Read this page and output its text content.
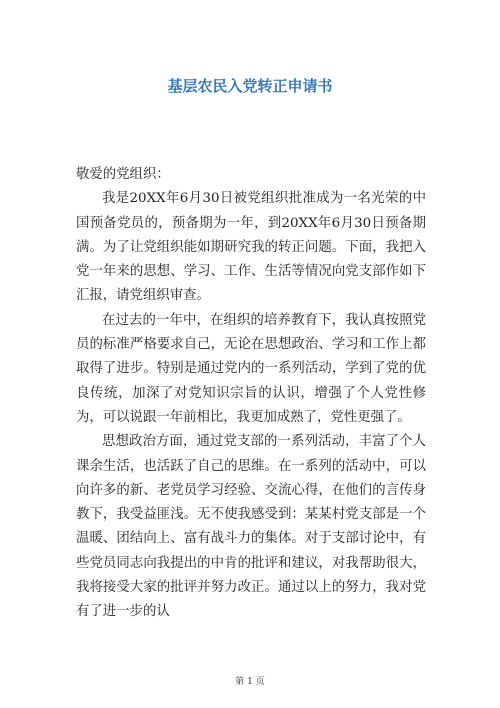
基层农民入党转正申请书

敬爱的党组织：

我是20XX年6月30日被党组织批准成为一名光荣的中国预备党员的，预备期为一年，到20XX年6月30日预备期满。为了让党组织能如期研究我的转正问题。下面，我把入党一年来的思想、学习、工作、生活等情况向党支部作如下汇报，请党组织审查。

在过去的一年中，在组织的培养教育下，我认真按照党员的标准严格要求自己，无论在思想政治、学习和工作上都取得了进步。特别是通过党内的一系列活动，学到了党的优良传统，加深了对党知识宗旨的认识，增强了个人党性修为，可以说跟一年前相比，我更加成熟了，党性更强了。

思想政治方面，通过党支部的一系列活动，丰富了个人课余生活，也活跃了自己的思维。在一系列的活动中，可以向许多的新、老党员学习经验、交流心得，在他们的言传身教下，我受益匪浅。无不使我感受到：某某村党支部是一个温暖、团结向上、富有战斗力的集体。对于支部讨论中，有些党员同志向我提出的中肯的批评和建议，对我帮助很大，我将接受大家的批评并努力改正。通过以上的努力，我对党有了进一步的认

第 1 页
